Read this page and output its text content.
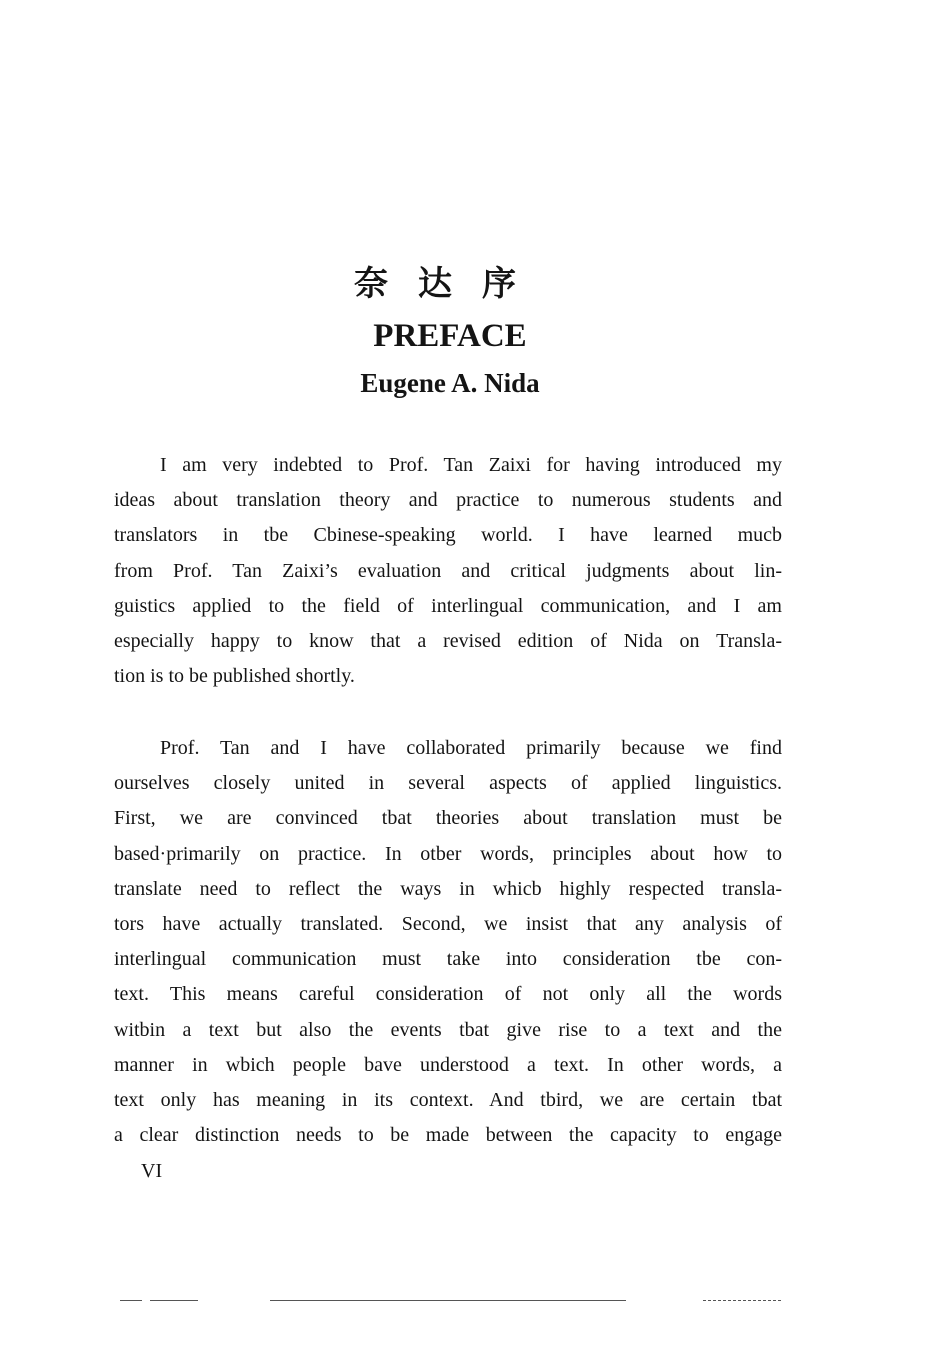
奈达序
PREFACE
Eugene A. Nida
I am very indebted to Prof. Tan Zaixi for having introduced my
ideas about translation theory and practice to numerous students and
translators in tbe Cbinese-speaking world. I have learned mucb
from Prof. Tan Zaixi’s evaluation and critical judgments about lin-
guistics applied to the field of interlingual communication, and I am
especially happy to know that a revised edition of Nida on Transla-
tion is to be published shortly.
Prof. Tan and I have collaborated primarily because we find
ourselves closely united in several aspects of applied linguistics.
First, we are convinced tbat theories about translation must be
based·primarily on practice. In otber words, principles about how to
translate need to reflect the ways in whicb highly respected transla-
tors have actually translated. Second, we insist that any analysis of
interlingual communication must take into consideration tbe con-
text. This means careful consideration of not only all the words
witbin a text but also the events tbat give rise to a text and the
manner in wbich people bave understood a text. In other words, a
text only has meaning in its context. And tbird, we are certain tbat
a clear distinction needs to be made between the capacity to engage
VI
